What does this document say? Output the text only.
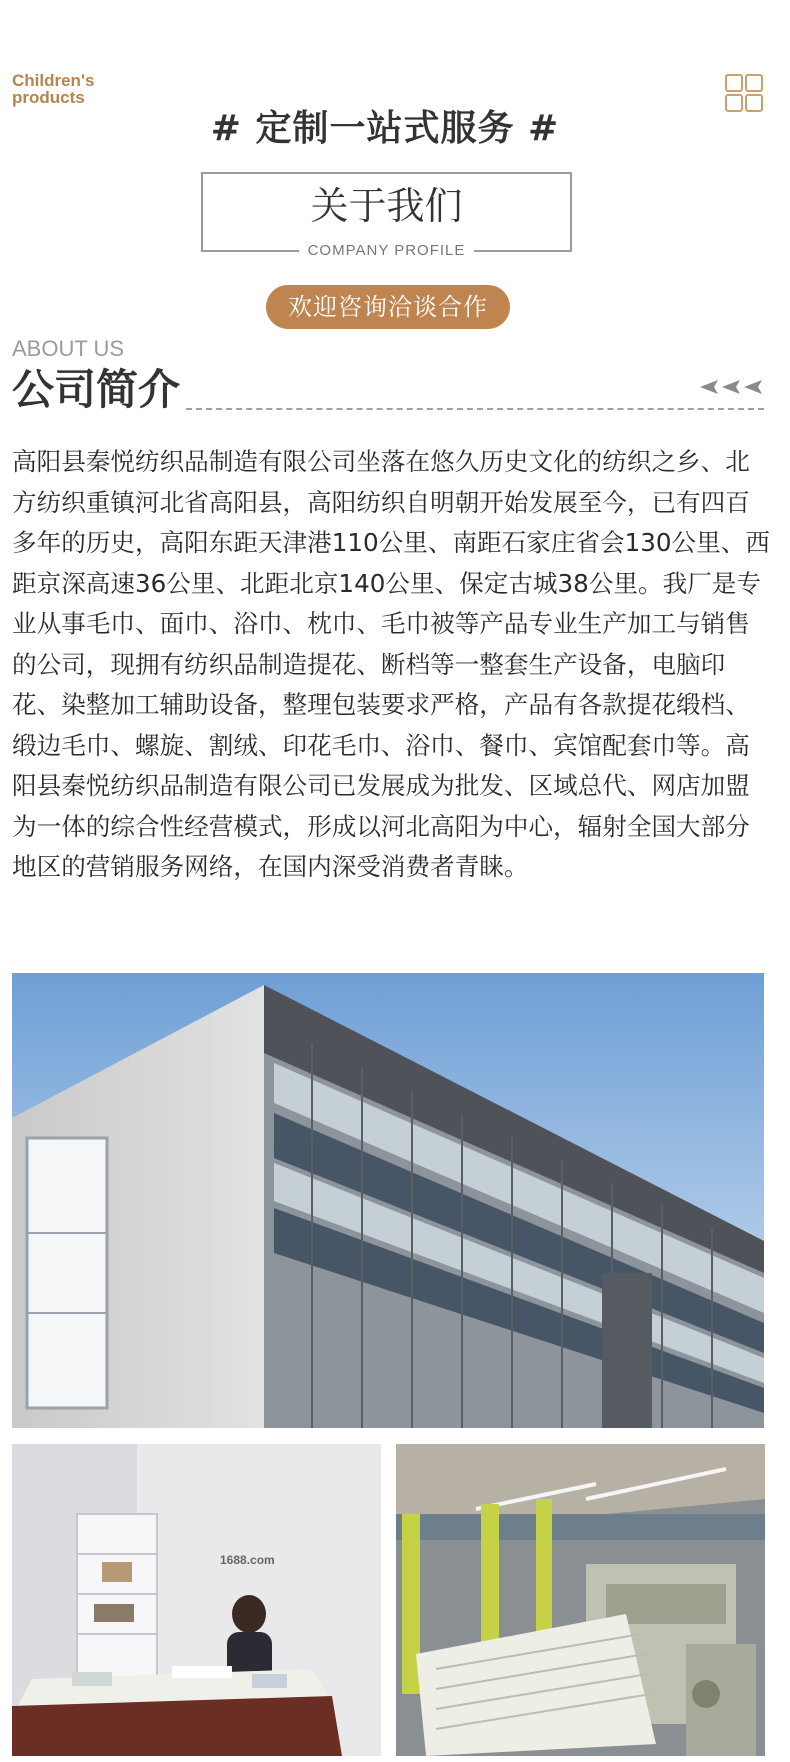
Children's
products
# 定制一站式服务 #
关于我们
COMPANY PROFILE
欢迎咨询洽谈合作
ABOUT US
公司简介

高阳县秦悦纺织品制造有限公司坐落在悠久历史文化的纺织之乡、北方纺织重镇河北省高阳县，高阳纺织自明朝开始发展至今，已有四百多年的历史，高阳东距天津港110公里、南距石家庄省会130公里、西距京深高速36公里、北距北京140公里、保定古城38公里。我厂是专业从事毛巾、面巾、浴巾、枕巾、毛巾被等产品专业生产加工与销售的公司，现拥有纺织品制造提花、断档等一整套生产设备，电脑印花、染整加工辅助设备，整理包装要求严格，产品有各款提花缎档、缎边毛巾、螺旋、割绒、印花毛巾、浴巾、餐巾、宾馆配套巾等。高阳县秦悦纺织品制造有限公司已发展成为批发、区域总代、网店加盟为一体的综合性经营模式，形成以河北高阳为中心，辐射全国大部分地区的营销服务网络，在国内深受消费者青睐。

1688.com
